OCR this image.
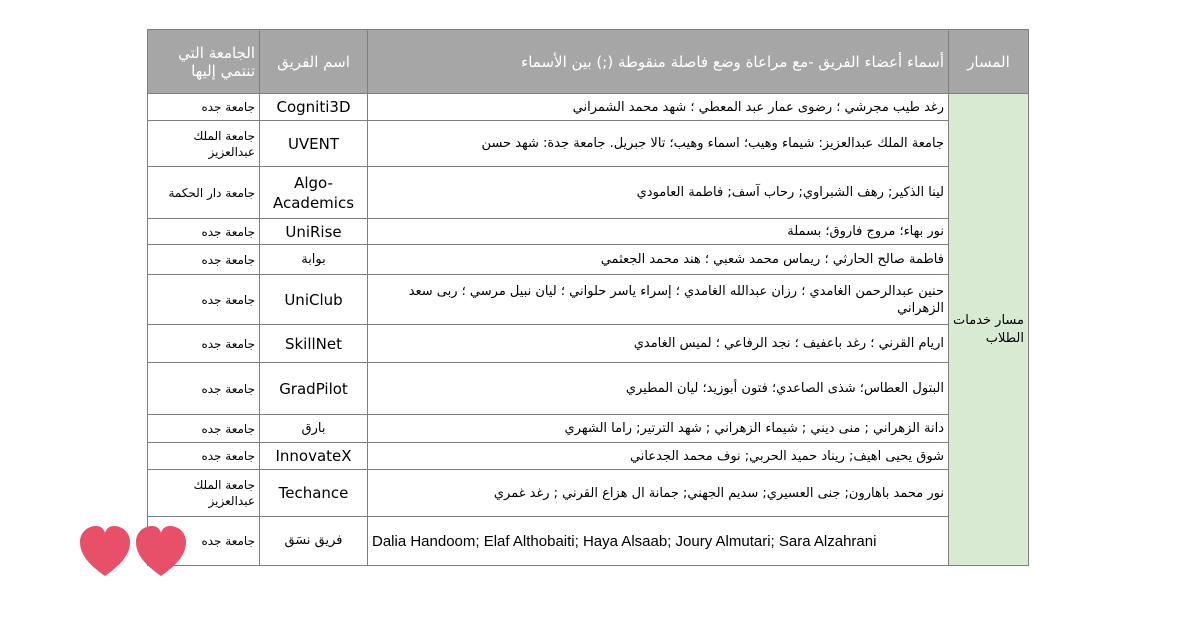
المسار	أسماء أعضاء الفريق -مع مراعاة وضع فاصلة منقوطة (;) بين الأسماء	اسم الفريق	الجامعة التي تنتمي إليها
مسار خدمات الطلاب	رغد طيب مجرشي ؛ رضوى عمار عبد المعطي ؛ شهد محمد الشمراني	Cogniti3D	جامعة جده
	جامعة الملك عبدالعزيز: شيماء وهيب؛ اسماء وهيب؛ تالا جبريل. جامعة جدة: شهد حسن	UVENT	جامعة الملك عبدالعزيز
	لينا الذكير; رهف الشبراوي; رحاب آسف; فاطمة العامودي	Algo-Academics	جامعة دار الحكمة
	نور بهاء؛ مروج فاروق؛ بسملة	UniRise	جامعة جده
	فاطمة صالح الحارثي ؛ ريماس محمد شعبي ؛ هند محمد الجعثمي	بوابة	جامعة جده
	حنين عبدالرحمن الغامدي ؛ رزان عبدالله الغامدي ؛ إسراء ياسر حلواني ؛ ليان نبيل مرسي ؛ ربى سعد الزهراني	UniClub	جامعة جده
	اريام القرني ؛ رغد باعفيف ؛ نجد الرفاعي ؛ لميس الغامدي	SkillNet	جامعة جده
	البتول العطاس؛ شذى الصاعدي؛ فتون أبوزيد؛ ليان المطيري	GradPilot	جامعة جده
	دانة الزهراني ; منى ديني ; شيماء الزهراني ; شهد الترتير; راما الشهري	بارق	جامعة جده
	شوق يحيى اهيف; ريناد حميد الحربي; نوف محمد الجدعاني	InnovateX	جامعة جده
	نور محمد باهارون; جنى العسيري; سديم الجهني; جمانة ال هزاع القرني ; رغد غمري	Techance	جامعة الملك عبدالعزيز
	Dalia Handoom; Elaf Althobaiti; Haya Alsaab; Joury Almutari; Sara Alzahrani	فريق نسَق	جامعة جده
